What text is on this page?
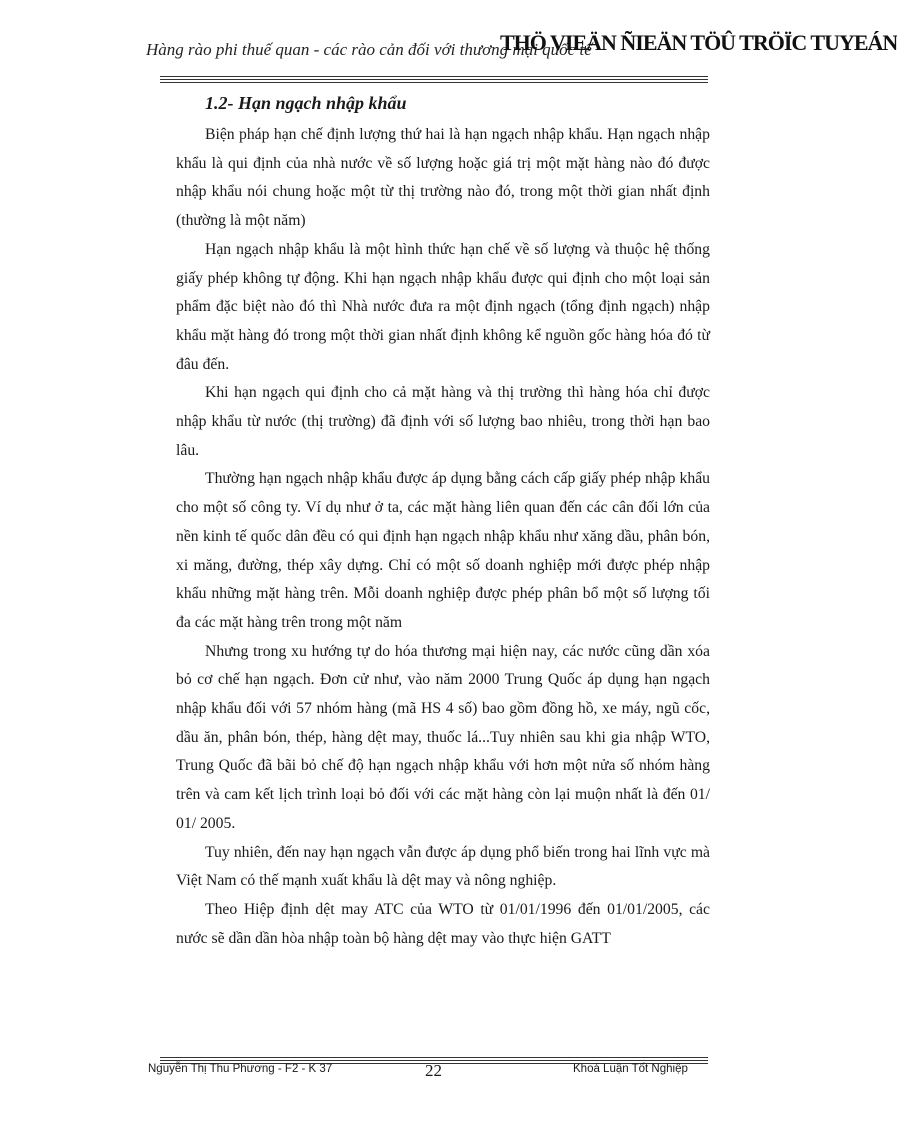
Hàng rào phi thuế quan - các rào cản đối với thương mại quốc tế
THÖ VIEÄN ÑIEÄN TÖÛ TRÖÏC TUYEÁN
1.2- Hạn ngạch nhập khẩu

Biện pháp hạn chế định lượng thứ hai là hạn ngạch nhập khẩu. Hạn ngạch nhập khẩu là qui định của nhà nước về số lượng hoặc giá trị một mặt hàng nào đó được nhập khẩu nói chung hoặc một từ thị trường nào đó, trong một thời gian nhất định (thường là một năm)

Hạn ngạch nhập khẩu là một hình thức hạn chế về số lượng và thuộc hệ thống giấy phép không tự động. Khi hạn ngạch nhập khẩu được qui định cho một loại sản phẩm đặc biệt nào đó thì Nhà nước đưa ra một định ngạch (tổng định ngạch) nhập khẩu mặt hàng đó trong một thời gian nhất định không kể nguồn gốc hàng hóa đó từ đâu đến.

Khi hạn ngạch qui định cho cả mặt hàng và thị trường thì hàng hóa chỉ được nhập khẩu từ nước (thị trường) đã định với số lượng bao nhiêu, trong thời hạn bao lâu.

Thường hạn ngạch nhập khẩu được áp dụng bằng cách cấp giấy phép nhập khẩu cho một số công ty. Ví dụ như ở ta, các mặt hàng liên quan đến các cân đối lớn của nền kinh tế quốc dân đều có qui định hạn ngạch nhập khẩu như xăng dầu, phân bón, xi măng, đường, thép xây dựng. Chỉ có một số doanh nghiệp mới được phép nhập khẩu những mặt hàng trên. Mỗi doanh nghiệp được phép phân bổ một số lượng tối đa các mặt hàng trên trong một năm

Nhưng trong xu hướng tự do hóa thương mại hiện nay, các nước cũng dần xóa bỏ cơ chế hạn ngạch. Đơn cử như, vào năm 2000 Trung Quốc áp dụng hạn ngạch nhập khẩu đối với 57 nhóm hàng (mã HS 4 số) bao gồm đồng hồ, xe máy, ngũ cốc, dầu ăn, phân bón, thép, hàng dệt may, thuốc lá...Tuy nhiên sau khi gia nhập WTO, Trung Quốc đã bãi bỏ chế độ hạn ngạch nhập khẩu với hơn một nửa số nhóm hàng trên và cam kết lịch trình loại bỏ đối với các mặt hàng còn lại muộn nhất là đến 01/ 01/ 2005.

Tuy nhiên, đến nay hạn ngạch vẫn được áp dụng phổ biến trong hai lĩnh vực mà Việt Nam có thế mạnh xuất khẩu là dệt may và nông nghiệp.

Theo Hiệp định dệt may ATC của WTO từ 01/01/1996 đến 01/01/2005, các nước sẽ dần dần hòa nhập toàn bộ hàng dệt may vào thực hiện GATT

Nguyễn Thị Thu Phương - F2 - K 37	22	Khoá Luận Tốt Nghiệp
